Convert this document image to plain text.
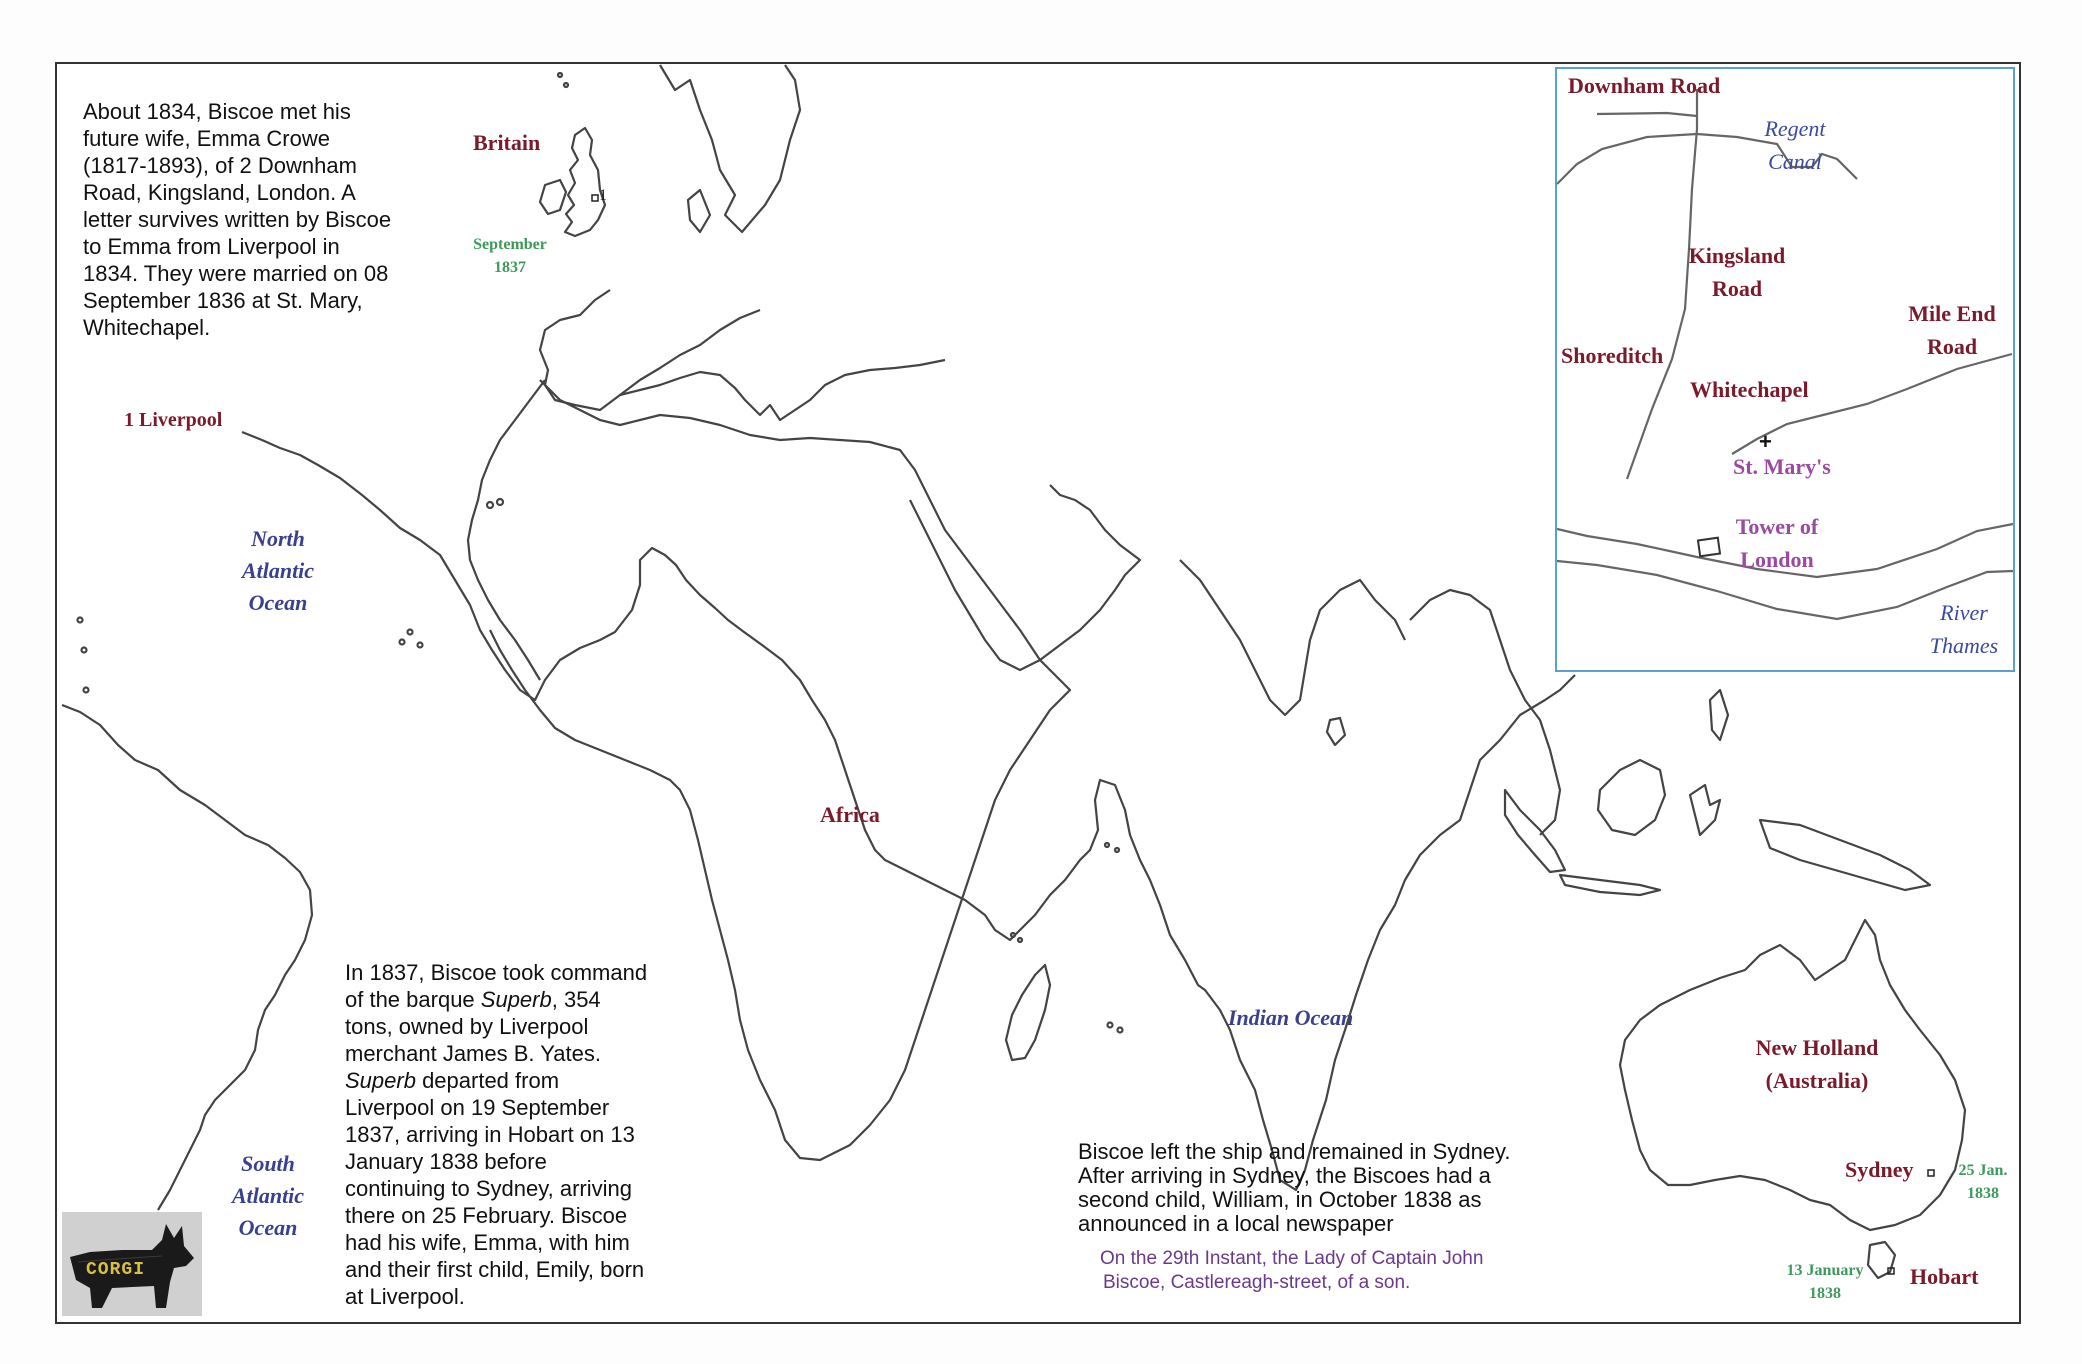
About 1834, Biscoe met his
future wife, Emma Crowe
(1817-1893), of 2 Downham
Road, Kingsland, London. A
letter survives written by Biscoe
to Emma from Liverpool in
1834. They were married on 08
September 1836 at St. Mary,
Whitechapel.
In 1837, Biscoe took command
of the barque Superb, 354
tons, owned by Liverpool
merchant James B. Yates.
Superb departed from
Liverpool on 19 September
1837, arriving in Hobart on 13
January 1838 before
continuing to Sydney, arriving
there on 25 February. Biscoe
had his wife, Emma, with him
and their first child, Emily, born
at Liverpool.
Biscoe left the ship and remained in Sydney.
After arriving in Sydney, the Biscoes had a
second child, William, in October 1838 as
announced in a local newspaper
On the 29th Instant, the Lady of Captain John
Biscoe, Castlereagh-street, of a son.
Britain
1 Liverpool
1
Africa
New Holland
(Australia)
Sydney
Hobart
North
Atlantic
Ocean
South
Atlantic
Ocean
Indian Ocean
September
1837
25 Jan.
1838
13 January
1838
Downham Road
Regent
Canal
Kingsland
Road
Mile End
Road
Shoreditch
Whitechapel
+
St. Mary's
Tower of
London
River
Thames
CORGI
